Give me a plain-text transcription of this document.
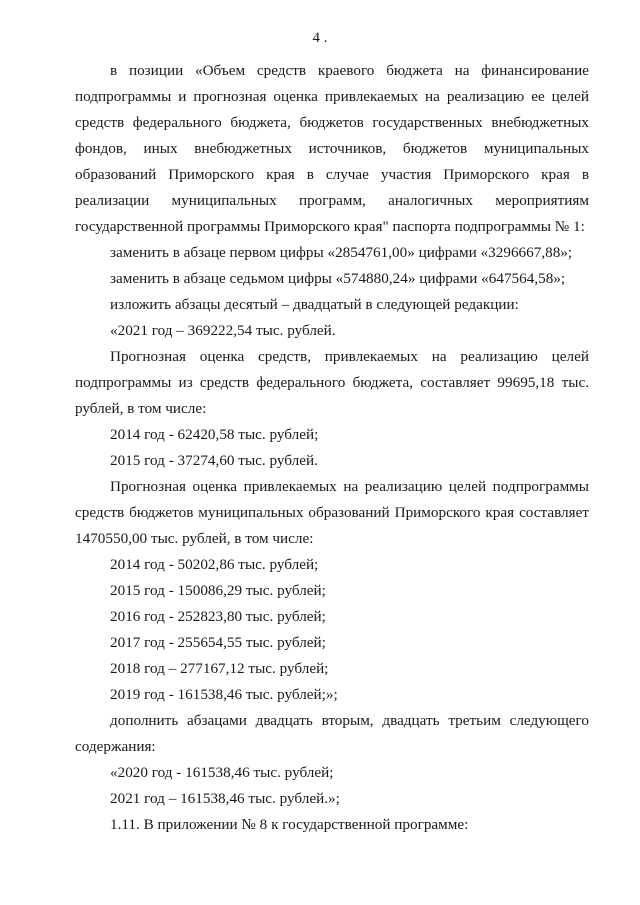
4 .
в позиции «Объем средств краевого бюджета на финансирование
подпрограммы и прогнозная оценка привлекаемых на реализацию ее целей
средств федерального бюджета, бюджетов государственных внебюджетных
фондов, иных внебюджетных источников, бюджетов муниципальных
образований Приморского края в случае участия Приморского края в
реализации муниципальных программ, аналогичных мероприятиям
государственной программы Приморского края" паспорта подпрограммы № 1:
заменить в абзаце первом цифры «2854761,00» цифрами «3296667,88»;
заменить в абзаце седьмом цифры «574880,24» цифрами «647564,58»;
изложить абзацы десятый – двадцатый в следующей редакции:
«2021 год – 369222,54 тыс. рублей.
Прогнозная оценка средств, привлекаемых на реализацию целей
подпрограммы из средств федерального бюджета, составляет 99695,18 тыс.
рублей, в том числе:
2014 год - 62420,58 тыс. рублей;
2015 год - 37274,60 тыс. рублей.
Прогнозная оценка привлекаемых на реализацию целей подпрограммы
средств бюджетов муниципальных образований Приморского края составляет
1470550,00 тыс. рублей, в том числе:
2014 год - 50202,86 тыс. рублей;
2015 год - 150086,29 тыс. рублей;
2016 год - 252823,80 тыс. рублей;
2017 год - 255654,55 тыс. рублей;
2018 год – 277167,12 тыс. рублей;
2019 год - 161538,46 тыс. рублей;»;
дополнить абзацами двадцать вторым, двадцать третьим следующего
содержания:
«2020 год - 161538,46 тыс. рублей;
2021 год – 161538,46 тыс. рублей.»;
1.11. В приложении № 8 к государственной программе:
